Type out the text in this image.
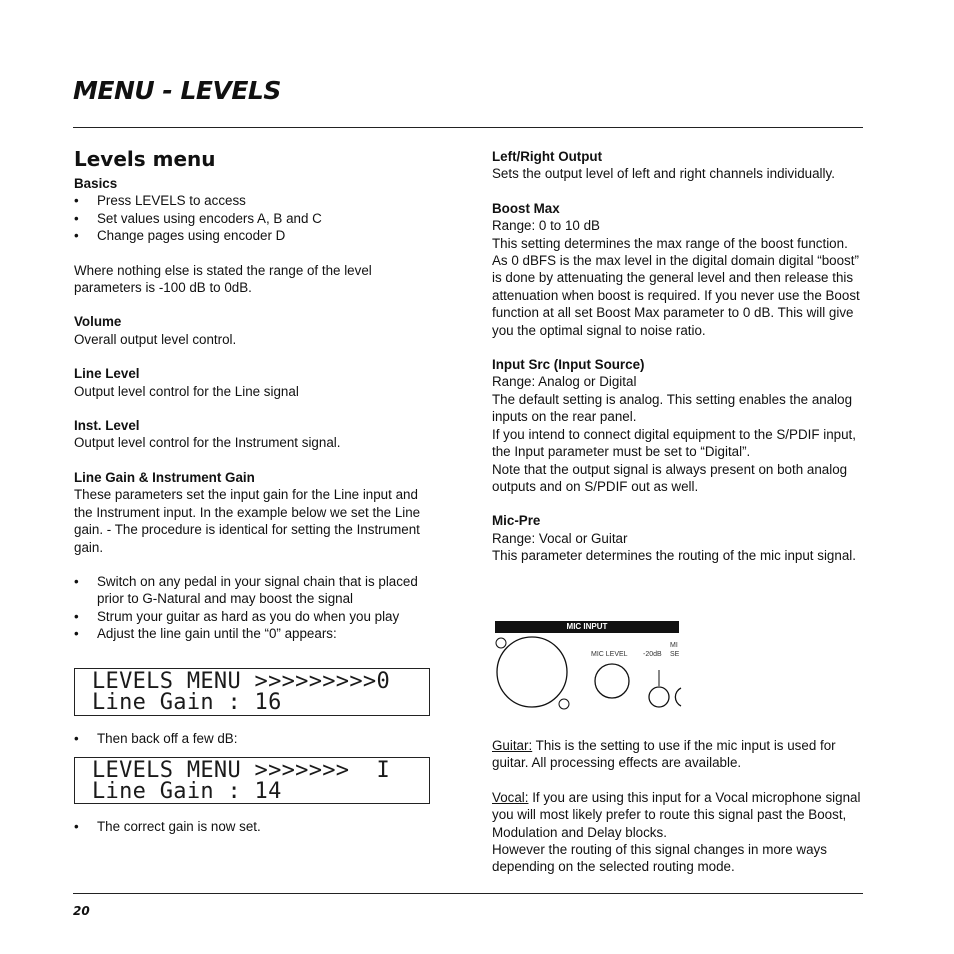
MENU - LEVELS
Levels menu

Basics

• Press LEVELS to access
• Set values using encoders A, B and C
• Change pages using encoder D

Where nothing else is stated the range of the level parameters is -100 dB to 0dB.

Volume

Overall output level control.

Line Level

Output level control for the Line signal

Inst. Level

Output level control for the Instrument signal.

Line Gain & Instrument Gain

These parameters set the input gain for the Line input and the Instrument input. In the example below we set the Line gain. - The procedure is identical for setting the Instrument gain.

• Switch on any pedal in your signal chain that is placed prior to G-Natural and may boost the signal
• Strum your guitar as hard as you do when you play
• Adjust the line gain until the “0” appears:
LEVELS MENU >>>>>>>>>0
Line Gain : 16
• Then back off a few dB:
LEVELS MENU >>>>>>>  I
Line Gain : 14
• The correct gain is now set.

Left/Right Output

Sets the output level of left and right channels individually.

Boost Max

Range: 0 to 10 dB

This setting determines the max range of the boost function. As 0 dBFS is the max level in the digital domain digital “boost” is done by attenuating the general level and then release this attenuation when boost is required. If you never use the Boost function at all set Boost Max parameter to 0 dB. This will give you the optimal signal to noise ratio.

Input Src (Input Source)

Range: Analog or Digital

The default setting is analog. This setting enables the analog inputs on the rear panel.

If you intend to connect digital equipment to the S/PDIF input, the Input parameter must be set to “Digital”.

Note that the output signal is always present on both analog outputs and on S/PDIF out as well.

Mic-Pre

Range: Vocal or Guitar

This parameter determines the routing of the mic input signal.

MIC INPUT
MIC LEVEL -20dB
MI
SE

Guitar: This is the setting to use if the mic input is used for guitar. All processing effects are available.

Vocal: If you are using this input for a Vocal microphone signal you will most likely prefer to route this signal past the Boost, Modulation and Delay blocks.

However the routing of this signal changes in more ways depending on the selected routing mode.

20
